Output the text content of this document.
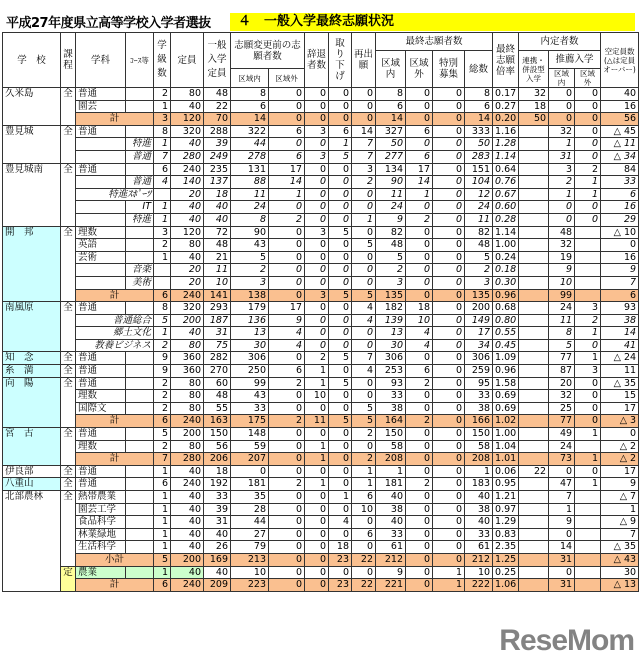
平成27年度県立高等学校入学者選抜	４　一般入学最終志願状況
学　校	課程	学科	ｺｰｽ等	学級数	定員	一般入学定員	志願変更前の志願者数		辞退者数	取り下げ	再出願	最終志願者数				最終志願倍率	内定者数			空定員数(△は定員オーバー)
												区域内	区域外	特別募集	総数		連携・併設型入学	推薦入学		
							区域内	区域外										区域内	区域外	
久米島	全	普通		2	80	48	8	0	0	0	0	8	0	0	8	0.17	32	0	0	40
		園芸		1	40	22	6	0	0	0	0	6	0	0	6	0.27	18	0	0	16
		計		3	120	70	14	0	0	0	0	14	0	0	14	0.20	50	0	0	56
豊見城	全	普通		8	320	288	322	6	3	6	14	327	6	0	333	1.16		32	0	△ 45
			特進	1	40	39	44	0	0	1	7	50	0	0	50	1.28		1	0	△ 11
			普通	7	280	249	278	6	3	5	7	277	6	0	283	1.14		31	0	△ 34
豊見城南	全	普通		6	240	235	131	17	0	0	3	134	17	0	151	0.64		3	2	84
			普通	4	140	137	88	14	0	0	2	90	14	0	104	0.76		2	1	33
		特進ｽﾎﾟｰﾂ			20	18	11	1	0	0	0	11	1	0	12	0.67		1	1	6
			IT	1	40	40	24	0	0	0	0	24	0	0	24	0.60		0	0	16
			特進	1	40	40	8	2	0	0	1	9	2	0	11	0.28		0	0	29
開　邦	全	理数		3	120	72	90	0	3	5	0	82	0	0	82	1.14		48		△ 10
		英語		2	80	48	43	0	0	0	5	48	0	0	48	1.00		32		0
		芸術		1	40	21	5	0	0	0	0	5	0	0	5	0.24		19		16
			音楽		20	11	2	0	0	0	0	2	0	0	2	0.18		9		9
			美術		20	10	3	0	0	0	0	3	0	0	3	0.30		10		7
		計		6	240	141	138	0	3	5	5	135	0	0	135	0.96		99		6
南風原	全	普通		8	320	293	179	17	0	0	4	182	18	0	200	0.68		24	3	93
		普通総合		5	200	187	136	9	0	0	4	139	10	0	149	0.80		11	2	38
		郷土文化		1	40	31	13	4	0	0	0	13	4	0	17	0.55		8	1	14
		教養ビジネス		2	80	75	30	4	0	0	0	30	4	0	34	0.45		5	0	41
知　念	全	普通		9	360	282	306	0	2	5	7	306	0	0	306	1.09		77	1	△ 24
糸　満	全	普通		9	360	270	250	6	1	0	4	253	6	0	259	0.96		87	3	11
向　陽	全	普通		2	80	60	99	2	1	5	0	93	2	0	95	1.58		20	0	△ 35
		理数		2	80	48	43	0	10	0	0	33	0	0	33	0.69		32	0	15
		国際文		2	80	55	33	0	0	0	5	38	0	0	38	0.69		25	0	17
		計		6	240	163	175	2	11	5	5	164	2	0	166	1.02		77	0	△ 3
宮　古	全	普通		5	200	150	148	0	0	0	2	150	0	0	150	1.00		49	1	0
		理数		2	80	56	59	0	1	0	0	58	0	0	58	1.04		24		△ 2
		計		7	280	206	207	0	1	0	2	208	0	0	208	1.01		73	1	△ 2
伊良部	全	普通		1	40	18	0	0	0	0	1	1	0	0	1	0.06	22	0	0	17
八重山	全	普通		6	240	192	181	2	1	0	1	181	2	0	183	0.95		47	1	9
北部農林	全	熱帯農業		1	40	33	35	0	0	1	6	40	0	0	40	1.21		7		△ 7
		園芸工学		1	40	39	28	0	0	0	10	38	0	0	38	0.97		1		1
		食品科学		1	40	31	44	0	0	4	0	40	0	0	40	1.29		9		△ 9
		林業緑地		1	40	40	27	0	0	0	6	33	0	0	33	0.83		0		7
		生活科学		1	40	26	79	0	0	18	0	61	0	0	61	2.35		14		△ 35
		小計		5	200	169	213	0	0	23	22	212	0	0	212	1.25		31		△ 43
	定	農業		1	40	40	10	0	0	0	0	9	0	1	10	0.25		0		30
		計		6	240	209	223	0	0	23	22	221	0	1	222	1.06		31		△ 13
ReseMom
